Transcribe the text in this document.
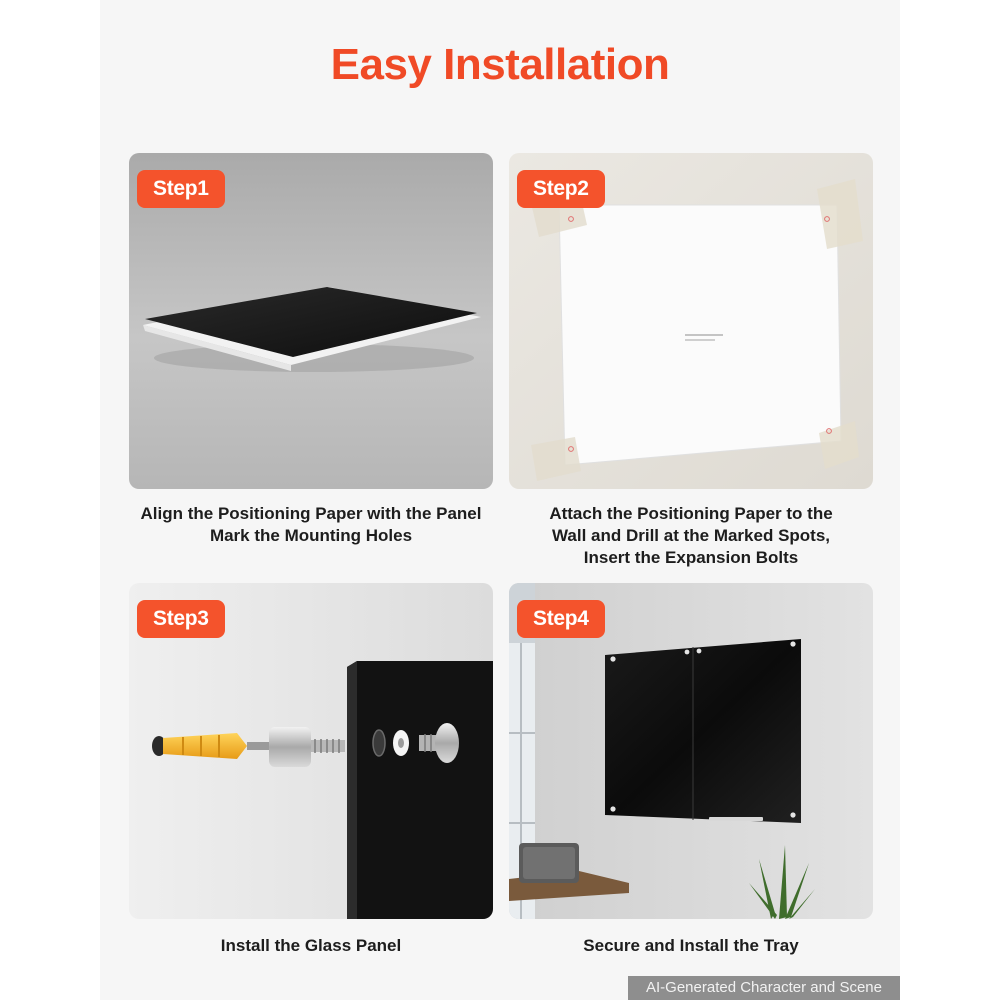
Easy Installation
Step1
Align the Positioning Paper with the Panel
Mark the Mounting Holes
Step2
Attach the Positioning Paper to the
Wall and Drill at the Marked Spots,
Insert the Expansion Bolts
Step3
Install the Glass Panel
Step4
Secure and Install the Tray
AI-Generated Character and Scene
